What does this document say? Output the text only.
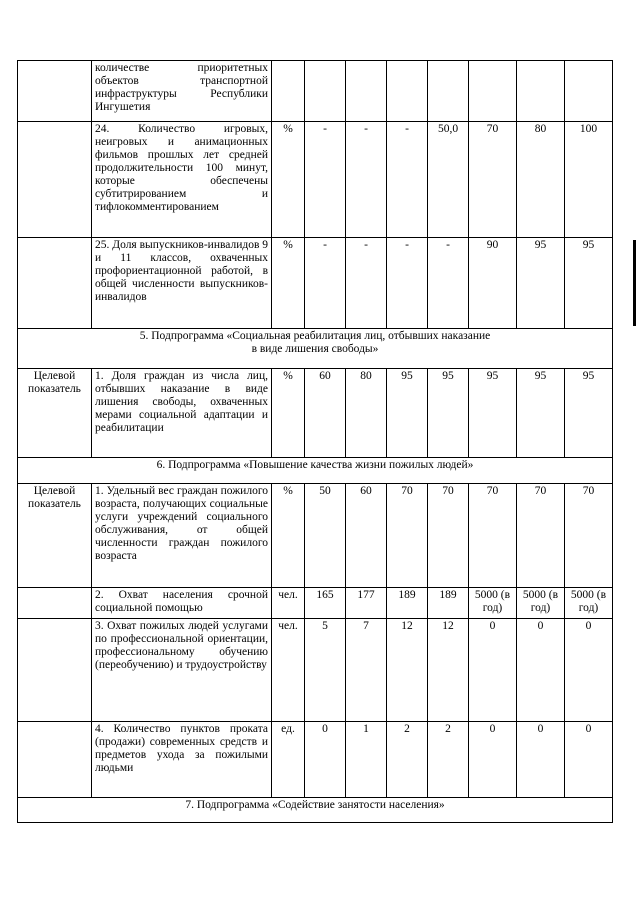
	количестве приоритетных объектов транспортной инфраструктуры Республики Ингушетия								
	24. Количество игровых, неигровых и анимационных фильмов прошлых лет средней продолжительности 100 минут, которые обеспечены субтитрированием и тифлокомментированием	%	-	-	-	50,0	70	80	100
	25. Доля выпускников-инвалидов 9 и 11 классов, охваченных профориентационной работой, в общей численности выпускников-инвалидов	%	-	-	-	-	90	95	95
5. Подпрограмма «Социальная реабилитация лиц, отбывших наказание
в виде лишения свободы»									
Целевой показатель	1. Доля граждан из числа лиц, отбывших наказание в виде лишения свободы, охваченных мерами социальной адаптации и реабилитации	%	60	80	95	95	95	95	95
6. Подпрограмма «Повышение качества жизни пожилых людей»									
Целевой показатель	1. Удельный вес граждан пожилого возраста, получающих социальные услуги учреждений социального обслуживания, от общей численности граждан пожилого возраста	%	50	60	70	70	70	70	70
	2. Охват населения срочной социальной помощью	чел.	165	177	189	189	5000 (в год)	5000 (в год)	5000 (в год)
	3. Охват пожилых людей услугами по профессиональной ориентации, профессиональному обучению (переобучению) и трудоустройству	чел.	5	7	12	12	0	0	0
	4. Количество пунктов проката (продажи) современных средств и предметов ухода за пожилыми людьми	ед.	0	1	2	2	0	0	0
7. Подпрограмма «Содействие занятости населения»									
